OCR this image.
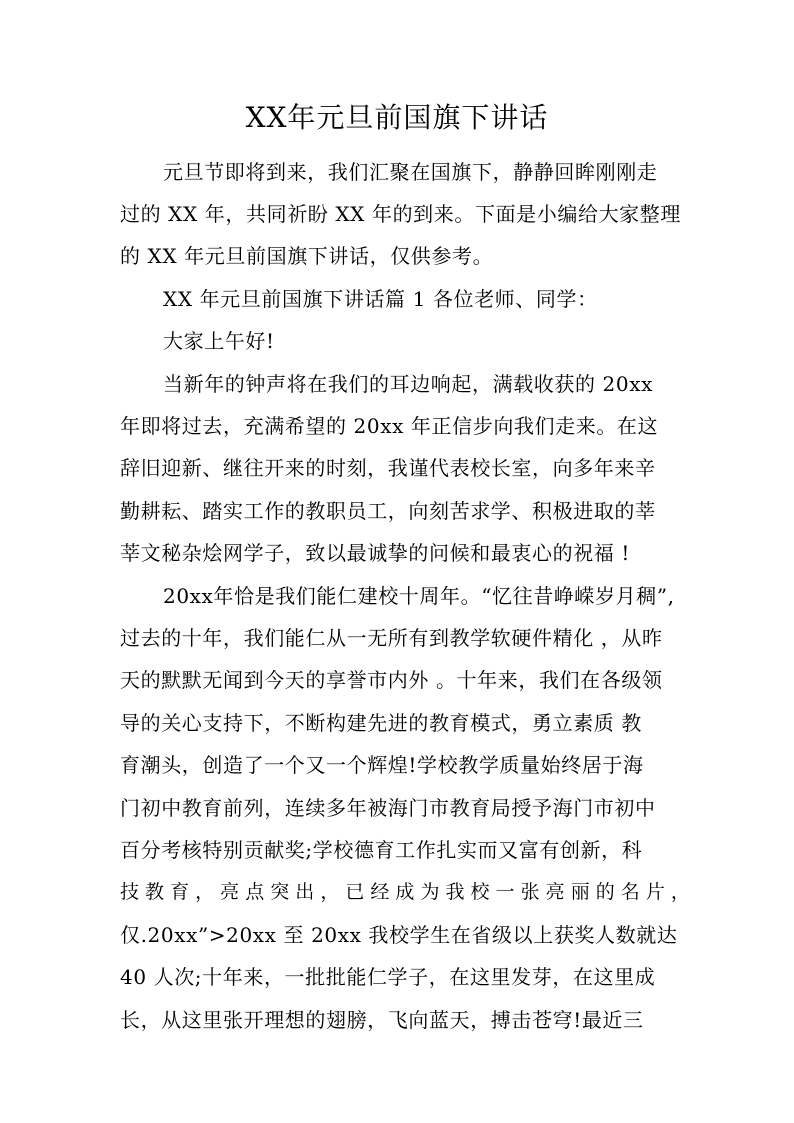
XX年元旦前国旗下讲话
元旦节即将到来，我们汇聚在国旗下，静静回眸刚刚走
过的 XX 年，共同祈盼 XX 年的到来。下面是小编给大家整理
的 XX 年元旦前国旗下讲话，仅供参考。
XX 年元旦前国旗下讲话篇 1 各位老师、同学：
大家上午好!
当新年的钟声将在我们的耳边响起，满载收获的 20xx
年即将过去，充满希望的 20xx 年正信步向我们走来。在这
辞旧迎新、继往开来的时刻，我谨代表校长室，向多年来辛
勤耕耘、踏实工作的教职员工，向刻苦求学、积极进取的莘
莘文秘杂烩网学子，致以最诚挚的问候和最衷心的祝福 !
20xx年恰是我们能仁建校十周年。“忆往昔峥嵘岁月稠”,
过去的十年，我们能仁从一无所有到教学软硬件精化 ，从昨
天的默默无闻到今天的享誉市内外 。十年来，我们在各级领
导的关心支持下，不断构建先进的教育模式，勇立素质 教
育潮头，创造了一个又一个辉煌!学校教学质量始终居于海
门初中教育前列，连续多年被海门市教育局授予海门市初中
百分考核特别贡献奖;学校德育工作扎实而又富有创新，科
技 教 育 ， 亮 点 突 出 ， 已 经 成 为 我 校 一 张 亮 丽 的 名 片 ，
仅.20xx”>20xx 至 20xx 我校学生在省级以上获奖人数就达
40 人次;十年来，一批批能仁学子，在这里发芽，在这里成
长，从这里张开理想的翅膀，飞向蓝天，搏击苍穹!最近三
